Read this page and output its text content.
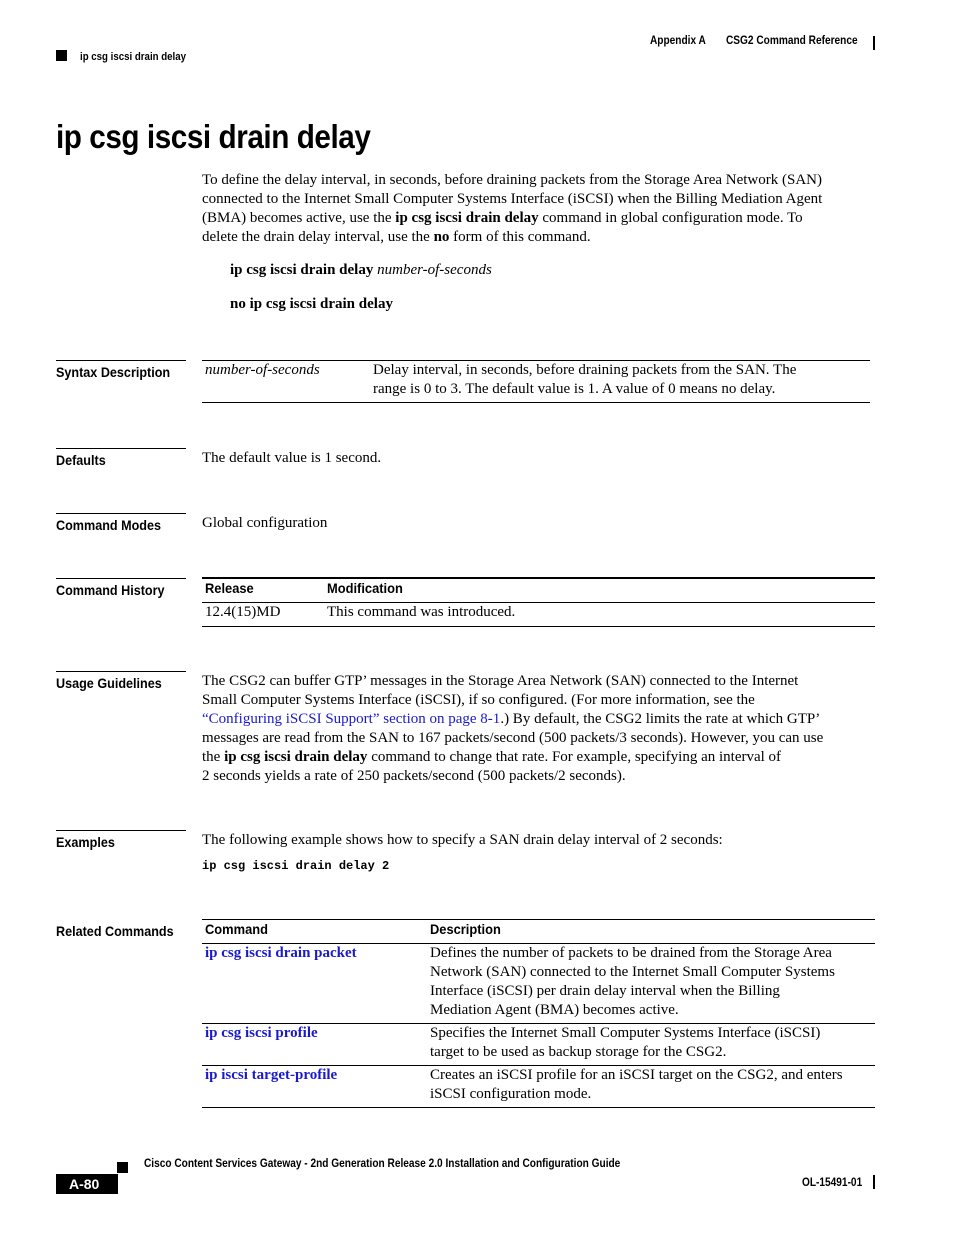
Appendix A CSG2 Command Reference
ip csg iscsi drain delay
ip csg iscsi drain delay
To define the delay interval, in seconds, before draining packets from the Storage Area Network (SAN)
connected to the Internet Small Computer Systems Interface (iSCSI) when the Billing Mediation Agent
(BMA) becomes active, use the ip csg iscsi drain delay command in global configuration mode. To
delete the drain delay interval, use the no form of this command.
ip csg iscsi drain delay number-of-seconds
no ip csg iscsi drain delay
Syntax Description	number-of-seconds	Delay interval, in seconds, before draining packets from the SAN. The
range is 0 to 3. The default value is 1. A value of 0 means no delay.
Defaults	The default value is 1 second.
Command Modes	Global configuration
Command History	Release	Modification
12.4(15)MD	This command was introduced.
Usage Guidelines	The CSG2 can buffer GTP’ messages in the Storage Area Network (SAN) connected to the Internet
Small Computer Systems Interface (iSCSI), if so configured. (For more information, see the
“Configuring iSCSI Support” section on page 8-1.) By default, the CSG2 limits the rate at which GTP’
messages are read from the SAN to 167 packets/second (500 packets/3 seconds). However, you can use
the ip csg iscsi drain delay command to change that rate. For example, specifying an interval of
2 seconds yields a rate of 250 packets/second (500 packets/2 seconds).
Examples	The following example shows how to specify a SAN drain delay interval of 2 seconds:
ip csg iscsi drain delay 2
Related Commands	Command	Description
ip csg iscsi drain packet	Defines the number of packets to be drained from the Storage Area
Network (SAN) connected to the Internet Small Computer Systems
Interface (iSCSI) per drain delay interval when the Billing
Mediation Agent (BMA) becomes active.
ip csg iscsi profile	Specifies the Internet Small Computer Systems Interface (iSCSI)
target to be used as backup storage for the CSG2.
ip iscsi target-profile	Creates an iSCSI profile for an iSCSI target on the CSG2, and enters
iSCSI configuration mode.
Cisco Content Services Gateway - 2nd Generation Release 2.0 Installation and Configuration Guide
A-80	OL-15491-01
